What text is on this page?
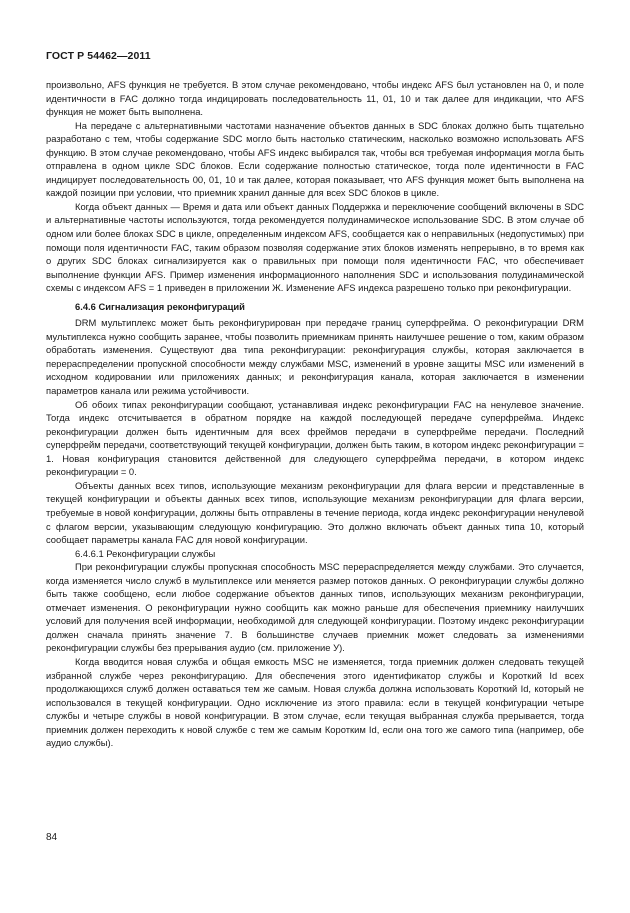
ГОСТ Р 54462—2011

произвольно, AFS функция не требуется. В этом случае рекомендовано, чтобы индекс AFS был установлен на 0, и поле идентичности в FAC должно тогда индицировать последовательность 11, 01, 10 и так далее для индикации, что AFS функция не может быть выполнена.

На передаче с альтернативными частотами назначение объектов данных в SDC блоках должно быть тщательно разработано с тем, чтобы содержание SDC могло быть настолько статическим, насколько возможно использовать AFS функцию. В этом случае рекомендовано, чтобы AFS индекс выбирался так, чтобы вся требуемая информация могла быть отправлена в одном цикле SDC блоков. Если содержание полностью статическое, тогда поле идентичности в FAC индицирует последовательность 00, 01, 10 и так далее, которая показывает, что AFS функция может быть выполнена на каждой позиции при условии, что приемник хранил данные для всех SDC блоков в цикле.

Когда объект данных — Время и дата или объект данных Поддержка и переключение сообщений включены в SDC и альтернативные частоты используются, тогда рекомендуется полудинамическое использование SDC. В этом случае об одном или более блоках SDC в цикле, определенным индексом AFS, сообщается как о неправильных (недопустимых) при помощи поля идентичности FAC, таким образом позволяя содержание этих блоков изменять непрерывно, в то время как о других SDC блоках сигнализируется как о правильных при помощи поля идентичности FAC, что обеспечивает выполнение функции AFS. Пример изменения информационного наполнения SDC и использования полудинамической схемы с индексом AFS = 1 приведен в приложении Ж. Изменение AFS индекса разрешено только при реконфигурации.

6.4.6 Сигнализация реконфигураций

DRM мультиплекс может быть реконфигурирован при передаче границ суперфрейма. О реконфигурации DRM мультиплекса нужно сообщить заранее, чтобы позволить приемникам принять наилучшее решение о том, каким образом обработать изменения. Существуют два типа реконфигурации: реконфигурация службы, которая заключается в перераспределении пропускной способности между службами MSC, изменений в уровне защиты MSC или изменений в исходном кодировании или приложениях данных; и реконфигурация канала, которая заключается в изменении параметров канала или режима устойчивости.

Об обоих типах реконфигурации сообщают, устанавливая индекс реконфигурации FAC на ненулевое значение. Тогда индекс отсчитывается в обратном порядке на каждой последующей передаче суперфрейма. Индекс реконфигурации должен быть идентичным для всех фреймов передачи в суперфрейме передачи. Последний суперфрейм передачи, соответствующий текущей конфигурации, должен быть таким, в котором индекс реконфигурации = 1. Новая конфигурация становится действенной для следующего суперфрейма передачи, в котором индекс реконфигурации = 0.

Объекты данных всех типов, использующие механизм реконфигурации для флага версии и представленные в текущей конфигурации и объекты данных всех типов, использующие механизм реконфигурации для флага версии, требуемые в новой конфигурации, должны быть отправлены в течение периода, когда индекс реконфигурации ненулевой с флагом версии, указывающим следующую конфигурацию. Это должно включать объект данных типа 10, который сообщает параметры канала FAC для новой конфигурации.

6.4.6.1 Реконфигурации службы

При реконфигурации службы пропускная способность MSC перераспределяется между службами. Это случается, когда изменяется число служб в мультиплексе или меняется размер потоков данных. О реконфигурации службы должно быть также сообщено, если любое содержание объектов данных типов, использующих механизм реконфигурации, отмечает изменения. О реконфигурации нужно сообщить как можно раньше для обеспечения приемнику наилучших условий для получения всей информации, необходимой для следующей конфигурации. Поэтому индекс реконфигурации должен сначала принять значение 7. В большинстве случаев приемник может следовать за изменениями реконфигурации службы без прерывания аудио (см. приложение У).

Когда вводится новая служба и общая емкость MSC не изменяется, тогда приемник должен следовать текущей избранной службе через реконфигурацию. Для обеспечения этого идентификатор службы и Короткий Id всех продолжающихся служб должен оставаться тем же самым. Новая служба должна использовать Короткий Id, который не использовался в текущей конфигурации. Одно исключение из этого правила: если в текущей конфигурации четыре службы и четыре службы в новой конфигурации. В этом случае, если текущая выбранная служба прерывается, тогда приемник должен переходить к новой службе с тем же самым Коротким Id, если она того же самого типа (например, обе аудио службы).

84
